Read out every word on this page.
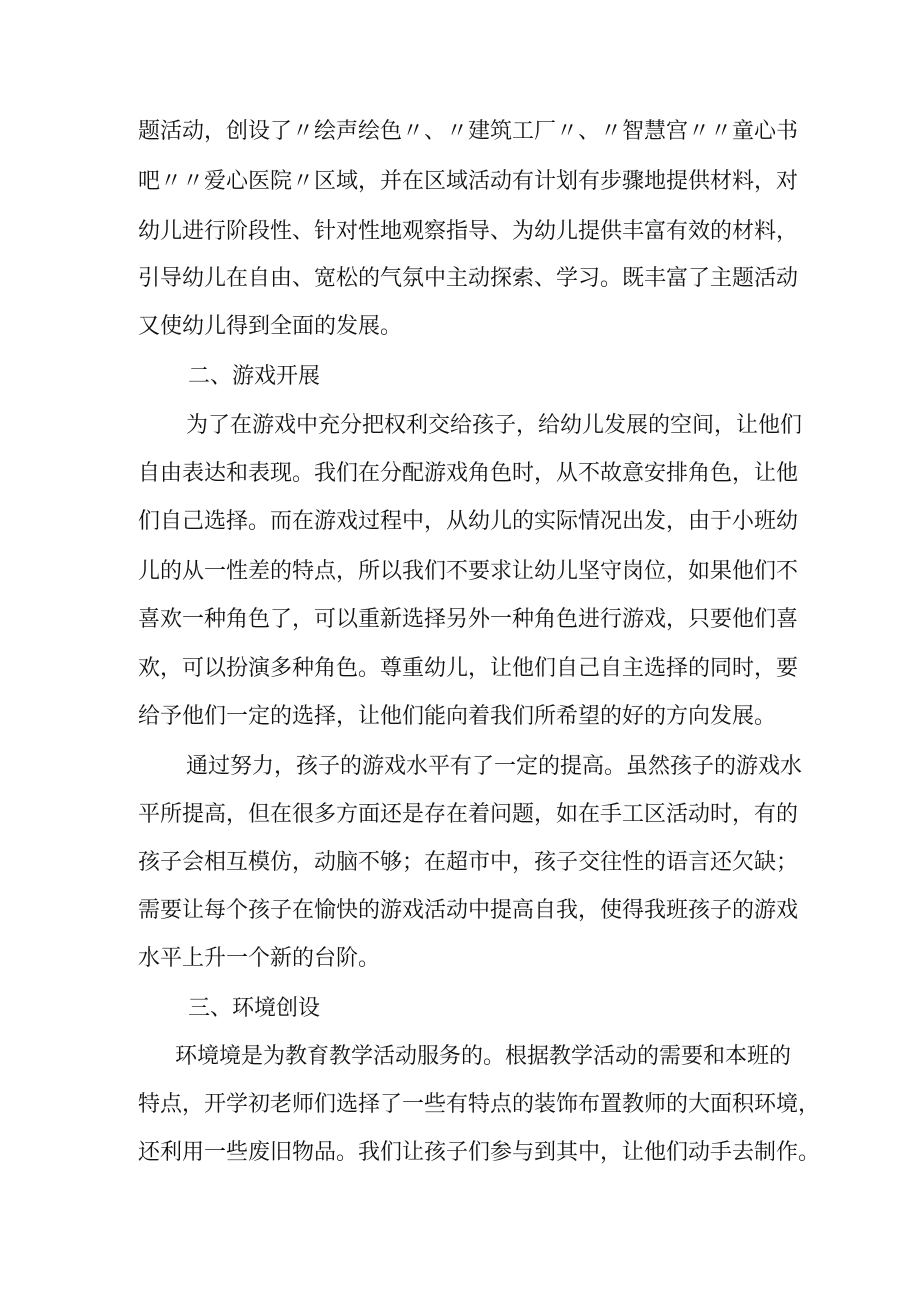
题活动，创设了〃绘声绘色〃、〃建筑工厂〃、〃智慧宫〃〃童心书
吧〃〃爱心医院〃区域，并在区域活动有计划有步骤地提供材料，对
幼儿进行阶段性、针对性地观察指导、为幼儿提供丰富有效的材料，
引导幼儿在自由、宽松的气氛中主动探索、学习。既丰富了主题活动
又使幼儿得到全面的发展。
二、游戏开展
为了在游戏中充分把权利交给孩子，给幼儿发展的空间，让他们
自由表达和表现。我们在分配游戏角色时，从不故意安排角色，让他
们自己选择。而在游戏过程中，从幼儿的实际情况出发，由于小班幼
儿的从一性差的特点，所以我们不要求让幼儿坚守岗位，如果他们不
喜欢一种角色了，可以重新选择另外一种角色进行游戏，只要他们喜
欢，可以扮演多种角色。尊重幼儿，让他们自己自主选择的同时，要
给予他们一定的选择，让他们能向着我们所希望的好的方向发展。
通过努力，孩子的游戏水平有了一定的提高。虽然孩子的游戏水
平所提高，但在很多方面还是存在着问题，如在手工区活动时，有的
孩子会相互模仿，动脑不够；在超市中，孩子交往性的语言还欠缺；
需要让每个孩子在愉快的游戏活动中提高自我，使得我班孩子的游戏
水平上升一个新的台阶。
三、环境创设
环境境是为教育教学活动服务的。根据教学活动的需要和本班的
特点，开学初老师们选择了一些有特点的装饰布置教师的大面积环境，
还利用一些废旧物品。我们让孩子们参与到其中，让他们动手去制作。
